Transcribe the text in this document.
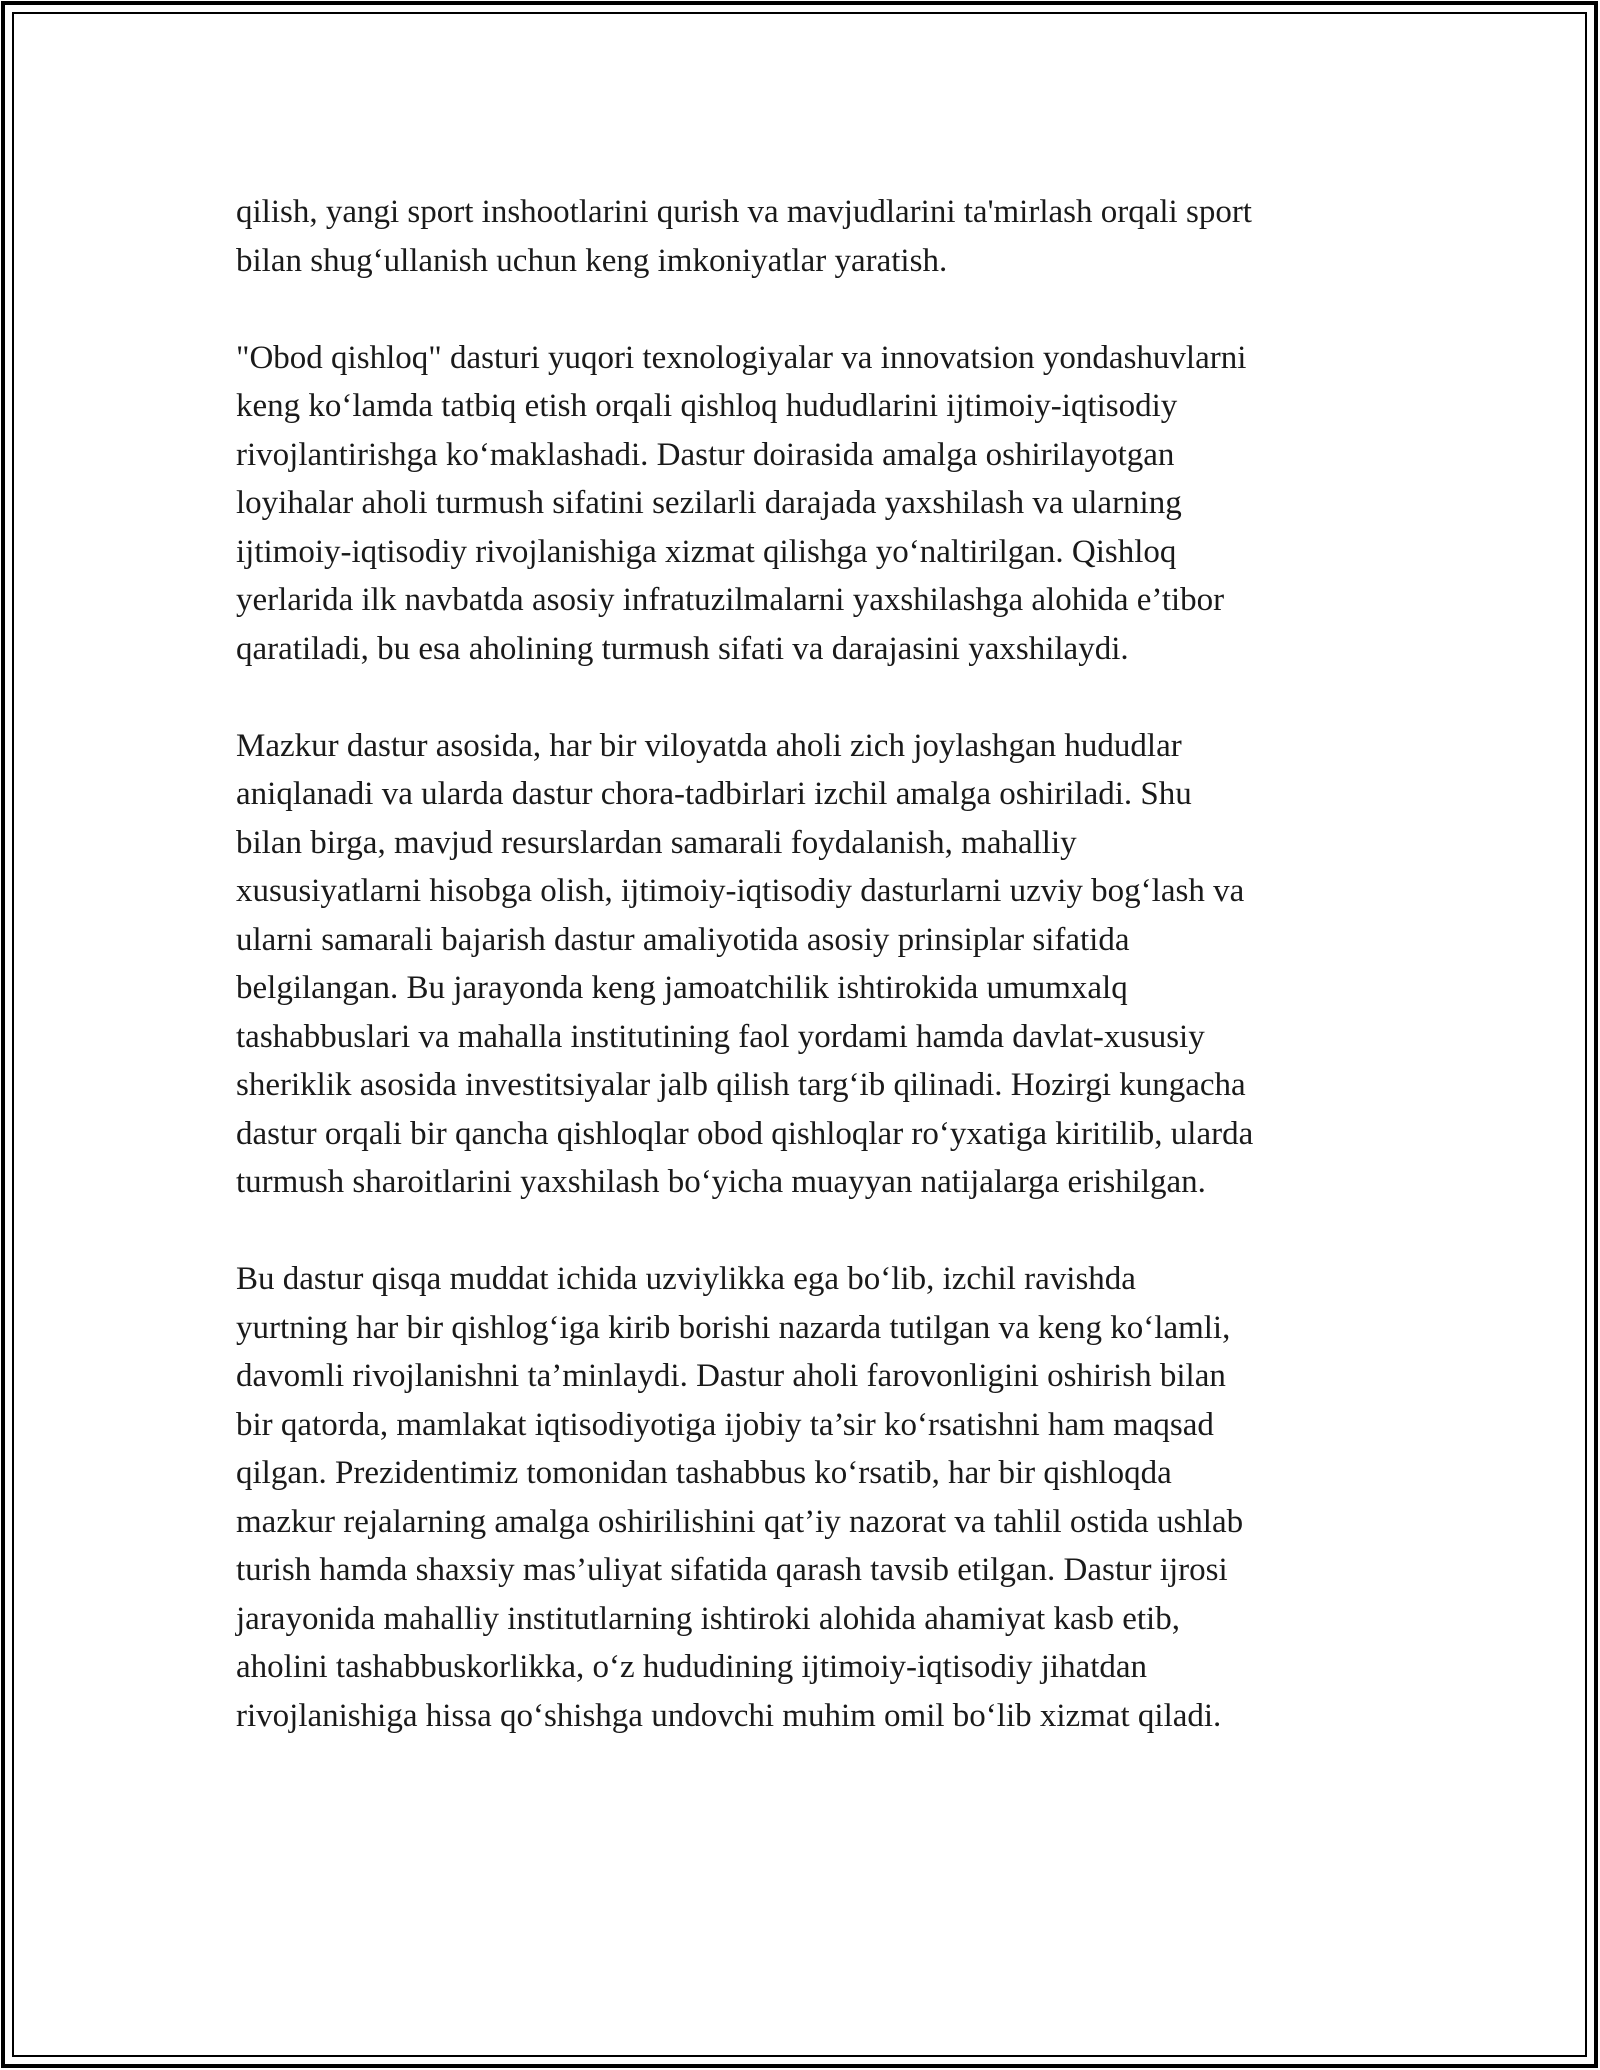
qilish, yangi sport inshootlarini qurish va mavjudlarini ta'mirlash orqali sport
bilan shug‘ullanish uchun keng imkoniyatlar yaratish.

"Obod qishloq" dasturi yuqori texnologiyalar va innovatsion yondashuvlarni
keng ko‘lamda tatbiq etish orqali qishloq hududlarini ijtimoiy-iqtisodiy
rivojlantirishga ko‘maklashadi. Dastur doirasida amalga oshirilayotgan
loyihalar aholi turmush sifatini sezilarli darajada yaxshilash va ularning
ijtimoiy-iqtisodiy rivojlanishiga xizmat qilishga yo‘naltirilgan. Qishloq
yerlarida ilk navbatda asosiy infratuzilmalarni yaxshilashga alohida e’tibor
qaratiladi, bu esa aholining turmush sifati va darajasini yaxshilaydi.

Mazkur dastur asosida, har bir viloyatda aholi zich joylashgan hududlar
aniqlanadi va ularda dastur chora-tadbirlari izchil amalga oshiriladi. Shu
bilan birga, mavjud resurslardan samarali foydalanish, mahalliy
xususiyatlarni hisobga olish, ijtimoiy-iqtisodiy dasturlarni uzviy bog‘lash va
ularni samarali bajarish dastur amaliyotida asosiy prinsiplar sifatida
belgilangan. Bu jarayonda keng jamoatchilik ishtirokida umumxalq
tashabbuslari va mahalla institutining faol yordami hamda davlat-xususiy
sheriklik asosida investitsiyalar jalb qilish targ‘ib qilinadi. Hozirgi kungacha
dastur orqali bir qancha qishloqlar obod qishloqlar ro‘yxatiga kiritilib, ularda
turmush sharoitlarini yaxshilash bo‘yicha muayyan natijalarga erishilgan.

Bu dastur qisqa muddat ichida uzviylikka ega bo‘lib, izchil ravishda
yurtning har bir qishlog‘iga kirib borishi nazarda tutilgan va keng ko‘lamli,
davomli rivojlanishni ta’minlaydi. Dastur aholi farovonligini oshirish bilan
bir qatorda, mamlakat iqtisodiyotiga ijobiy ta’sir ko‘rsatishni ham maqsad
qilgan. Prezidentimiz tomonidan tashabbus ko‘rsatib, har bir qishloqda
mazkur rejalarning amalga oshirilishini qat’iy nazorat va tahlil ostida ushlab
turish hamda shaxsiy mas’uliyat sifatida qarash tavsib etilgan. Dastur ijrosi
jarayonida mahalliy institutlarning ishtiroki alohida ahamiyat kasb etib,
aholini tashabbuskorlikka, o‘z hududining ijtimoiy-iqtisodiy jihatdan
rivojlanishiga hissa qo‘shishga undovchi muhim omil bo‘lib xizmat qiladi.
